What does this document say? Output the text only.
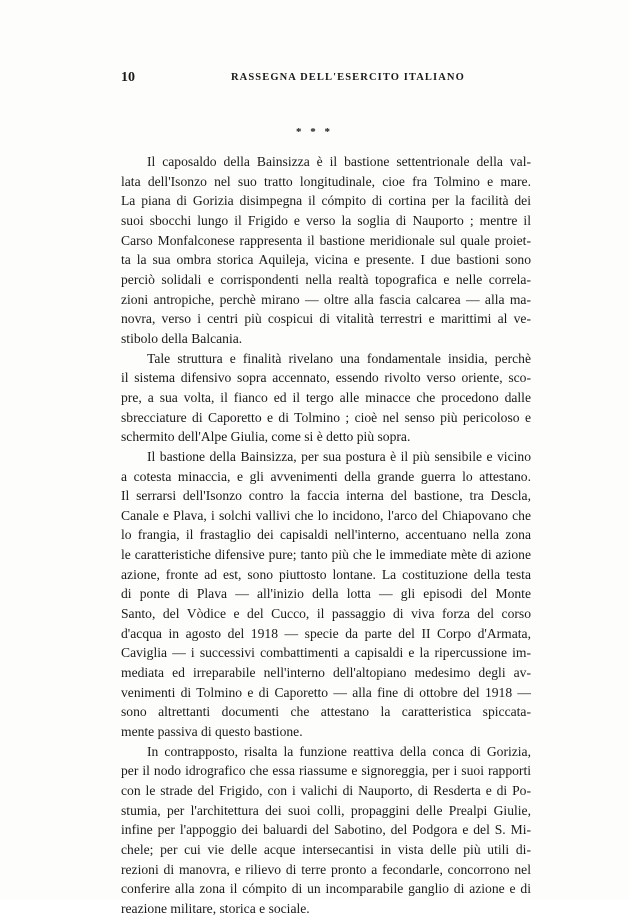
10	RASSEGNA DELL'ESERCITO ITALIANO
* * *
Il caposaldo della Bainsizza è il bastione settentrionale della val-
lata dell'Isonzo nel suo tratto longitudinale, cioe fra Tolmino e mare.
La piana di Gorizia disimpegna il cómpito di cortina per la facilità dei
suoi sbocchi lungo il Frigido e verso la soglia di Nauporto ; mentre il
Carso Monfalconese rappresenta il bastione meridionale sul quale proiet-
ta la sua ombra storica Aquileja, vicina e presente. I due bastioni sono
perciò solidali e corrispondenti nella realtà topografica e nelle correla-
zioni antropiche, perchè mirano — oltre alla fascia calcarea — alla ma-
novra, verso i centri più cospicui di vitalità terrestri e marittimi al ve-
stibolo della Balcania.
Tale struttura e finalità rivelano una fondamentale insidia, perchè
il sistema difensivo sopra accennato, essendo rivolto verso oriente, sco-
pre, a sua volta, il fianco ed il tergo alle minacce che procedono dalle
sbrecciature di Caporetto e di Tolmino ; cioè nel senso più pericoloso e
schermito dell'Alpe Giulia, come si è detto più sopra.
Il bastione della Bainsizza, per sua postura è il più sensibile e vicino
a cotesta minaccia, e gli avvenimenti della grande guerra lo attestano.
Il serrarsi dell'Isonzo contro la faccia interna del bastione, tra Descla,
Canale e Plava, i solchi vallivi che lo incidono, l'arco del Chiapovano che
lo frangia, il frastaglio dei capisaldi nell'interno, accentuano nella zona
le caratteristiche difensive pure; tanto più che le immediate mète di azione
azione, fronte ad est, sono piuttosto lontane. La costituzione della testa
di ponte di Plava — all'inizio della lotta — gli episodi del Monte
Santo, del Vòdice e del Cucco, il passaggio di viva forza del corso
d'acqua in agosto del 1918 — specie da parte del II Corpo d'Armata,
Caviglia — i successivi combattimenti a capisaldi e la ripercussione im-
mediata ed irreparabile nell'interno dell'altopiano medesimo degli av-
venimenti di Tolmino e di Caporetto — alla fine di ottobre del 1918 —
sono altrettanti documenti che attestano la caratteristica spiccata-
mente passiva di questo bastione.
In contrapposto, risalta la funzione reattiva della conca di Gorizia,
per il nodo idrografico che essa riassume e signoreggia, per i suoi rapporti
con le strade del Frigido, con i valichi di Nauporto, di Resderta e di Po-
stumia, per l'architettura dei suoi colli, propaggini delle Prealpi Giulie,
infine per l'appoggio dei baluardi del Sabotino, del Podgora e del S. Mi-
chele; per cui vie delle acque intersecantisi in vista delle più utili di-
rezioni di manovra, e rilievo di terre pronto a fecondarle, concorrono nel
conferire alla zona il cómpito di un incomparabile ganglio di azione e di
reazione militare, storica e sociale.
